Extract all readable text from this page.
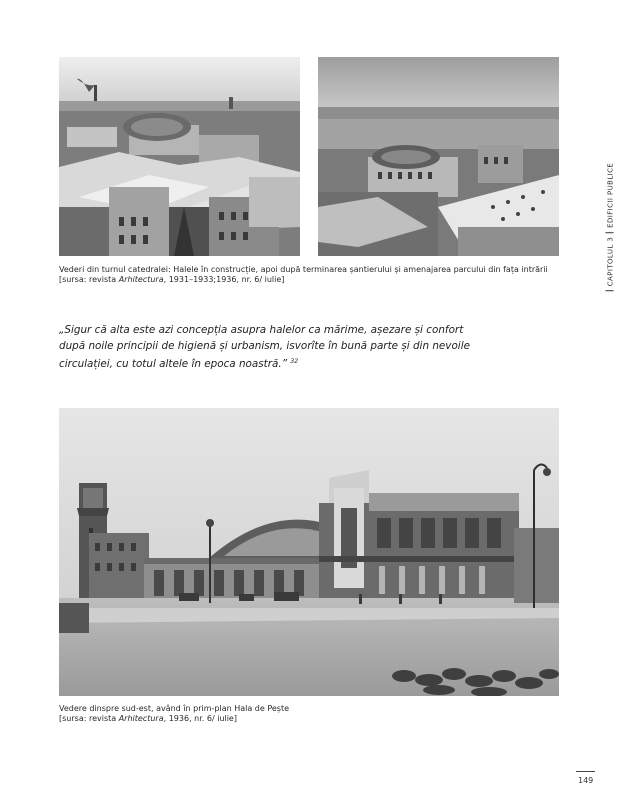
Vederi din turnul catedralei: Halele în construcție, apoi după terminarea șantierului și amenajarea parcului din fața intrării
[sursa: revista Arhitectura, 1931–1933;1936, nr. 6/ iulie]
„Sigur că alta este azi concepția asupra halelor ca mărime, așezare și confort
după noile principii de higienă și urbanism, isvorîte în bună parte și din nevoile
circulației, cu totul altele în epoca noastră.” $^{32}$
Vedere dinspre sud-est, având în prim-plan Hala de Pește
[sursa: revista Arhitectura, 1936, nr. 6/ iulie]
CAPITOLUL 3EDIFICII PUBLICE
149
